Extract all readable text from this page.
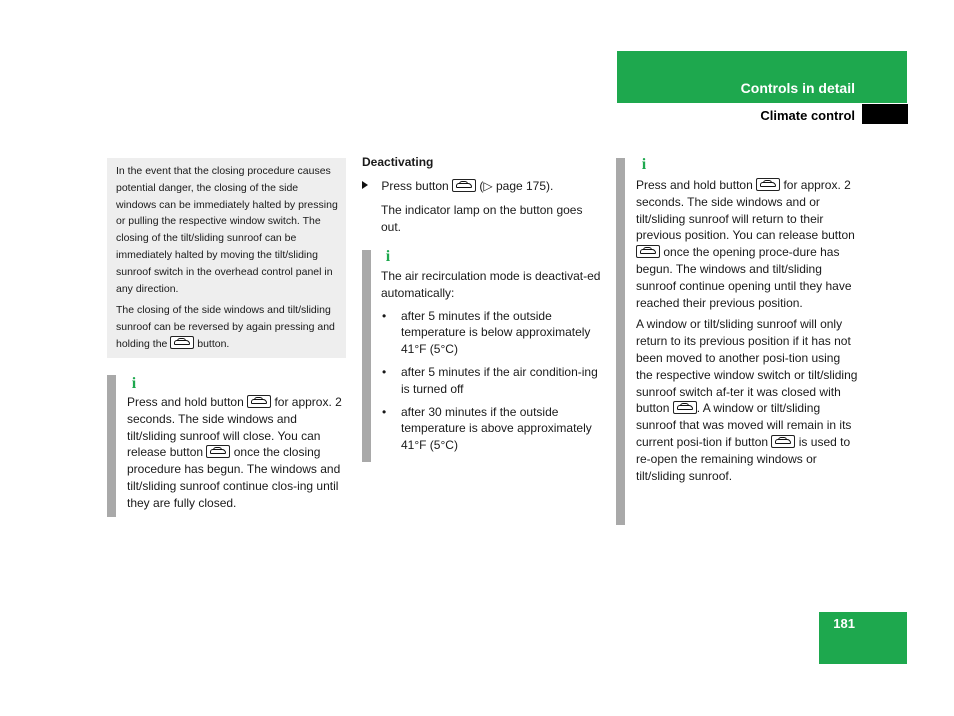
Controls in detail
Climate control

In the event that the closing procedure causes potential danger, the closing of the side windows can be immediately halted by pressing or pulling the respective window switch. The closing of the tilt/sliding sunroof can be immediately halted by moving the tilt/sliding sunroof switch in the overhead control panel in any direction.

The closing of the side windows and tilt/sliding sunroof can be reversed by again pressing and holding the	button.

i
Press and hold button	for approx. 2 seconds. The side windows and tilt/sliding sunroof will close. You can release button	once the closing procedure has begun. The windows and tilt/sliding sunroof continue clos-ing until they are fully closed.
Deactivating
Press button	(▷ page 175).
The indicator lamp on the button goes out.
i
The air recirculation mode is deactivat-ed automatically:
• after 5 minutes if the outside temperature is below approximately 41°F (5°C)
• after 5 minutes if the air condition-ing is turned off
• after 30 minutes if the outside temperature is above approximately 41°F (5°C)
i
Press and hold button	for approx. 2 seconds. The side windows and or tilt/sliding sunroof will return to their previous position. You can release button  once the opening proce-dure has begun. The windows and tilt/sliding sunroof continue opening until they have reached their previous position.
A window or tilt/sliding sunroof will only return to its previous position if it has not been moved to another posi-tion using the respective window switch or tilt/sliding sunroof switch af-ter it was closed with button . A window or tilt/sliding sunroof that was moved will remain in its current posi-tion if button	is used to re-open the remaining windows or tilt/sliding sunroof.
181
